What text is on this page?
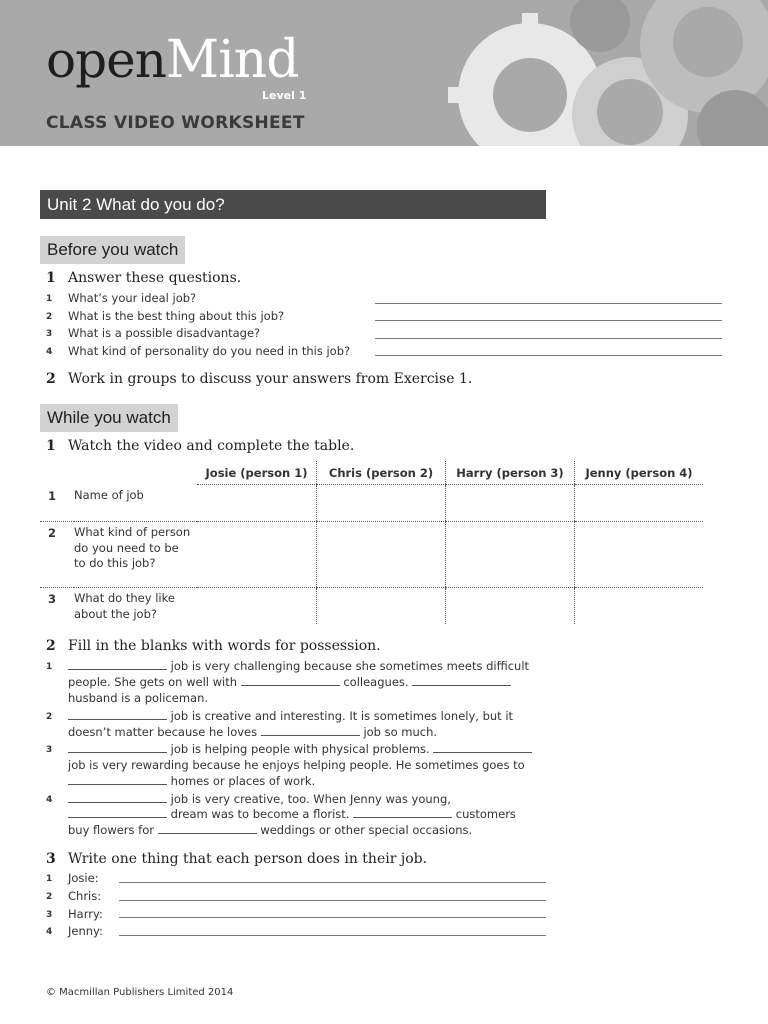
openMind
Level 1
CLASS VIDEO WORKSHEET
Unit 2 What do you do?
Before you watch
1 Answer these questions.
1 What’s your ideal job?
2 What is the best thing about this job?
3 What is a possible disadvantage?
4 What kind of personality do you need in this job?
2 Work in groups to discuss your answers from Exercise 1.
While you watch
1 Watch the video and complete the table.
		Josie (person 1)	Chris (person 2)	Harry (person 3)	Jenny (person 4)
1	Name of job				
2	What kind of person do you need to be to do this job?				
3	What do they like about the job?				
2 Fill in the blanks with words for possession.
1	job is very challenging because she sometimes meets difficult
people. She gets on well with	colleagues.
husband is a policeman.
2	job is creative and interesting. It is sometimes lonely, but it
doesn’t matter because he loves	job so much.
3	job is helping people with physical problems.
job is very rewarding because he enjoys helping people. He sometimes goes to
homes or places of work.
4	job is very creative, too. When Jenny was young,
dream was to become a florist.	customers
buy flowers for	weddings or other special occasions.
3 Write one thing that each person does in their job.
1 Josie:
2 Chris:
3 Harry:
4 Jenny:
© Macmillan Publishers Limited 2014
